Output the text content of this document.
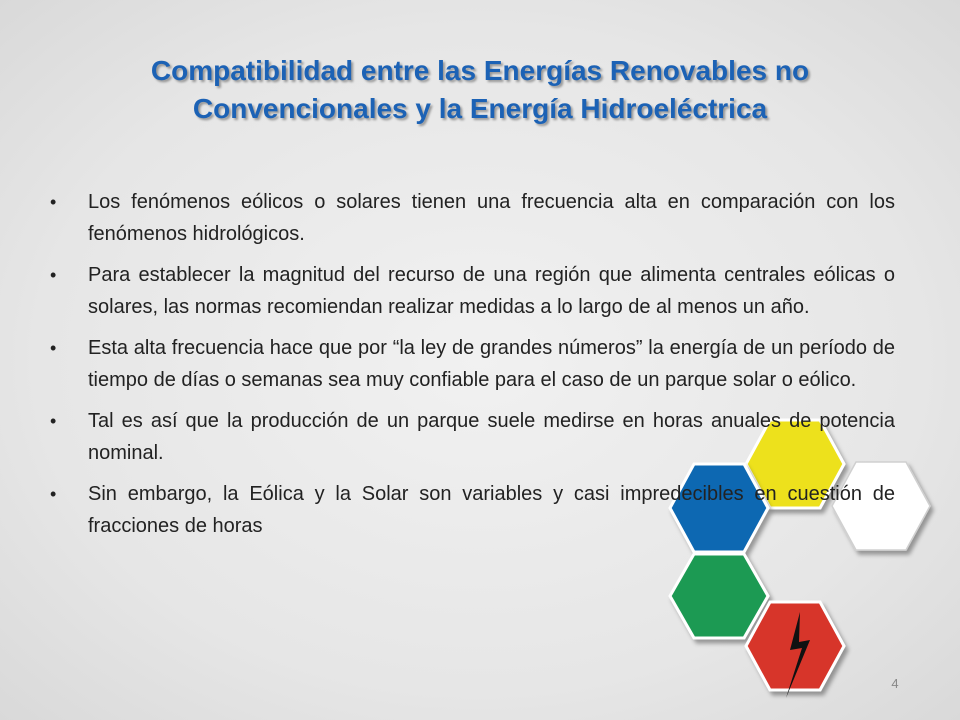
Compatibilidad entre las Energías Renovables no
Convencionales y la Energía Hidroeléctrica
•	Los fenómenos eólicos o solares tienen una frecuencia alta en comparación con los fenómenos hidrológicos.
•	Para establecer la magnitud del recurso de una región que alimenta centrales eólicas o solares, las normas recomiendan realizar medidas a lo largo de al menos un año.
•	Esta alta frecuencia hace que por “la ley de grandes números” la energía de un período de tiempo de días o semanas sea muy confiable para el caso de un parque solar o eólico.
•	Tal es así que la producción de un parque suele medirse en horas anuales de potencia nominal.
•	Sin embargo, la Eólica y la Solar son variables y casi impredecibles en cuestión de fracciones de horas
4
